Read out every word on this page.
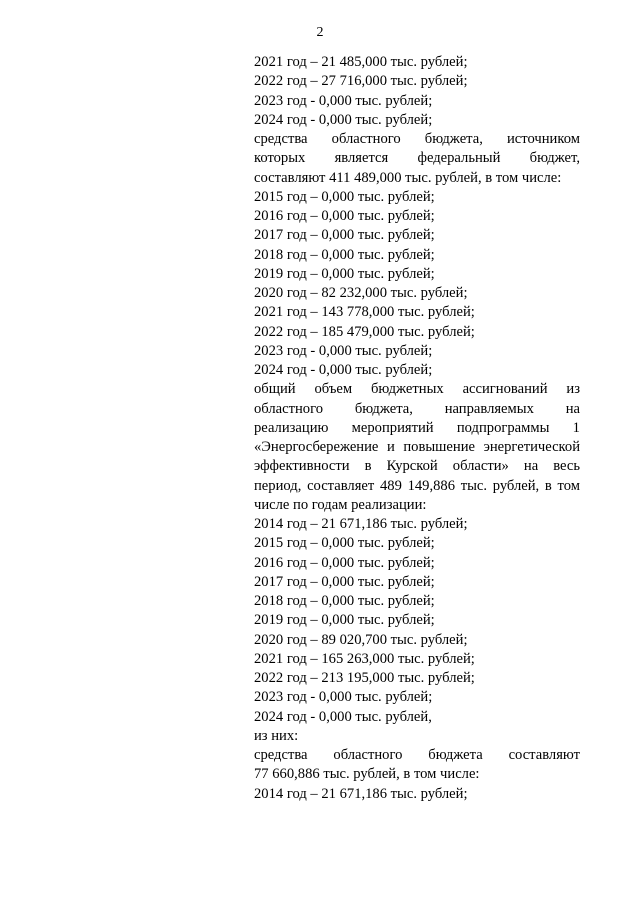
2
2021 год – 21 485,000 тыс. рублей;
2022 год – 27 716,000 тыс. рублей;
2023 год - 0,000 тыс. рублей;
2024 год - 0,000 тыс. рублей;
средства областного бюджета, источником
которых является федеральный бюджет,
составляют 411 489,000 тыс. рублей, в том числе:
2015 год – 0,000 тыс. рублей;
2016 год – 0,000 тыс. рублей;
2017 год – 0,000 тыс. рублей;
2018 год – 0,000 тыс. рублей;
2019 год – 0,000 тыс. рублей;
2020 год – 82 232,000 тыс. рублей;
2021 год – 143 778,000 тыс. рублей;
2022 год – 185 479,000 тыс. рублей;
2023 год - 0,000 тыс. рублей;
2024 год - 0,000 тыс. рублей;
общий объем бюджетных ассигнований из
областного бюджета, направляемых на
реализацию мероприятий подпрограммы 1
«Энергосбережение и повышение энергетической
эффективности в Курской области» на весь
период, составляет 489 149,886 тыс. рублей, в том
числе по годам реализации:
2014 год – 21 671,186 тыс. рублей;
2015 год – 0,000 тыс. рублей;
2016 год – 0,000 тыс. рублей;
2017 год – 0,000 тыс. рублей;
2018 год – 0,000 тыс. рублей;
2019 год – 0,000 тыс. рублей;
2020 год – 89 020,700 тыс. рублей;
2021 год – 165 263,000 тыс. рублей;
2022 год – 213 195,000 тыс. рублей;
2023 год - 0,000 тыс. рублей;
2024 год - 0,000 тыс. рублей,
из них:
средства областного бюджета составляют
77 660,886 тыс. рублей, в том числе:
2014 год – 21 671,186 тыс. рублей;
